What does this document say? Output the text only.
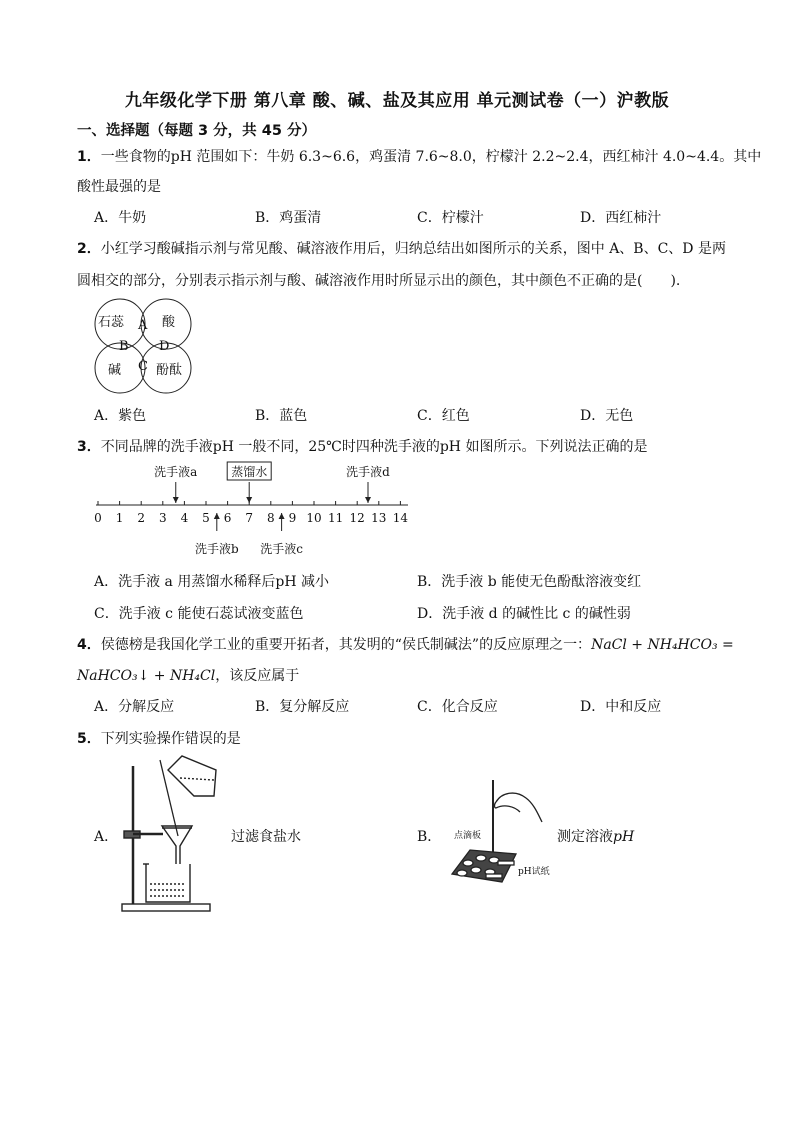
九年级化学下册 第八章 酸、碱、盐及其应用 单元测试卷（一）沪教版
一、选择题（每题 3 分，共 45 分）
1．一些食物的pH 范围如下：牛奶 6.3~6.6，鸡蛋清 7.6~8.0，柠檬汁 2.2~2.4，西红柿汁 4.0~4.4。其中
酸性最强的是
A．牛奶	B．鸡蛋清	C．柠檬汁	D．西红柿汁
2．小红学习酸碱指示剂与常见酸、碱溶液作用后，归纳总结出如图所示的关系，图中 A、B、C、D 是两
圆相交的部分，分别表示指示剂与酸、碱溶液作用时所显示出的颜色，其中颜色不正确的是(　　).
石蕊	酸
碱	酚酞
A
B
C
D
A．紫色	B．蓝色	C．红色	D．无色
3．不同品牌的洗手液pH 一般不同，25℃时四种洗手液的pH 如图所示。下列说法正确的是
0 1 2 3 4 5 6 7 8 9 10 11 12 13 14
洗手液a	蒸馏水	洗手液d
洗手液b 洗手液c
A．洗手液 a 用蒸馏水稀释后pH 减小	B．洗手液 b 能使无色酚酞溶液变红
C．洗手液 c 能使石蕊试液变蓝色	D．洗手液 d 的碱性比 c 的碱性弱
4．侯德榜是我国化学工业的重要开拓者，其发明的“侯氏制碱法”的反应原理之一：NaCl + NH₄HCO₃ =
NaHCO₃↓ + NH₄Cl，该反应属于
A．分解反应	B．复分解反应	C．化合反应	D．中和反应
5．下列实验操作错误的是
A．	过滤食盐水	B． 点滴板
pH试纸
测定溶液pH
